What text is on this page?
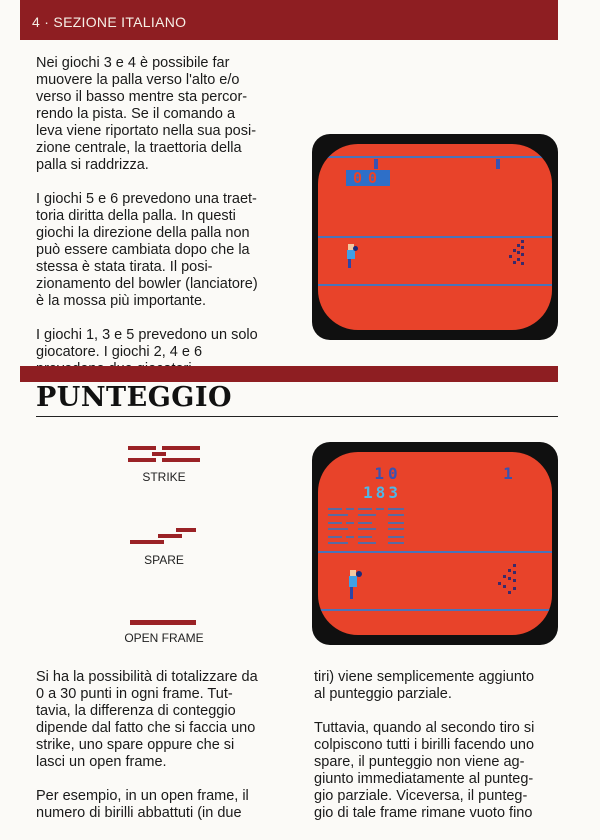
4 · SEZIONE ITALIANO

Nei giochi 3 e 4 è possibile far
muovere la palla verso l'alto e/o
verso il basso mentre sta percor-
rendo la pista. Se il comando a
leva viene riportato nella sua posi-
zione centrale, la traettoria della
palla si raddrizza.

I giochi 5 e 6 prevedono una traet-
toria diritta della palla. In questi
giochi la direzione della palla non
può essere cambiata dopo che la
stessa è stata tirata. Il posi-
zionamento del bowler (lanciatore)
è la mossa più importante.

I giochi 1, 3 e 5 prevedono un solo
giocatore. I giochi 2, 4 e 6

00
PUNTEGGIO
STRIKE
SPARE
OPEN FRAME
10	1
183

Si ha la possibilità di totalizzare da
0 a 30 punti in ogni frame. Tut-
tavia, la differenza di conteggio
dipende dal fatto che si faccia uno
strike, uno spare oppure che si
lasci un open frame.

Per esempio, in un open frame, il
numero di birilli abbattuti (in due

tiri) viene semplicemente aggiunto
al punteggio parziale.

Tuttavia, quando al secondo tiro si
colpiscono tutti i birilli facendo uno
spare, il punteggio non viene ag-
giunto immediatamente al punteg-
gio parziale. Viceversa, il punteg-
gio di tale frame rimane vuoto fino
